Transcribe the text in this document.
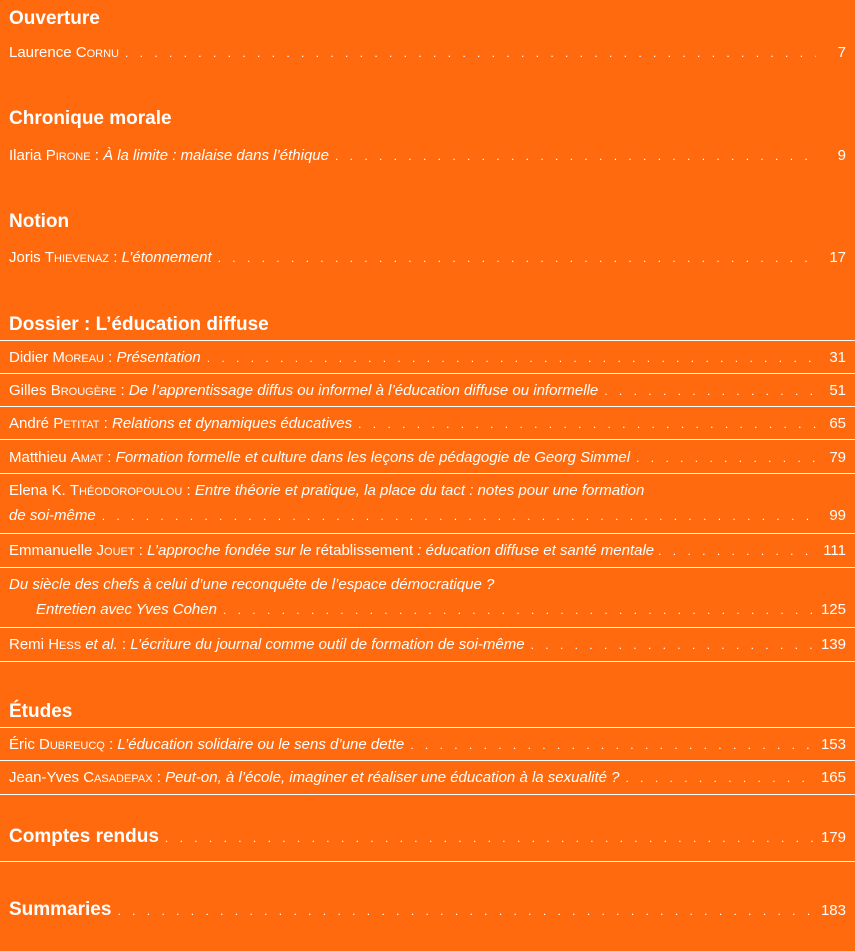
Ouverture
Laurence Cornu . . .	7
Chronique morale
Ilaria Pirone : À la limite : malaise dans l’éthique . . .	9
Notion
Joris Thievenaz : L’étonnement . . .	17
Dossier : L’éducation diffuse
Didier Moreau : Présentation . . .	31
Gilles Brougère : De l’apprentissage diffus ou informel à l’éducation diffuse ou informelle . . .	51
André Petitat : Relations et dynamiques éducatives . . .	65
Matthieu Amat : Formation formelle et culture dans les leçons de pédagogie de Georg Simmel . . .	79
Elena K. Théodoropoulou : Entre théorie et pratique, la place du tact : notes pour une formation
de soi-même . . .	99
Emmanuelle Jouet : L’approche fondée sur le rétablissement : éducation diffuse et santé mentale . . .	111
Du siècle des chefs à celui d’une reconquête de l’espace démocratique ?
Entretien avec Yves Cohen . . .	125
Remi Hess et al. : L’écriture du journal comme outil de formation de soi-même . . .	139
Études
Éric Dubreucq : L’éducation solidaire ou le sens d’une dette . . .	153
Jean-Yves Casadepax : Peut-on, à l’école, imaginer et réaliser une éducation à la sexualité ? . . .	165
Comptes rendus . . .	179
Summaries . . .	183
